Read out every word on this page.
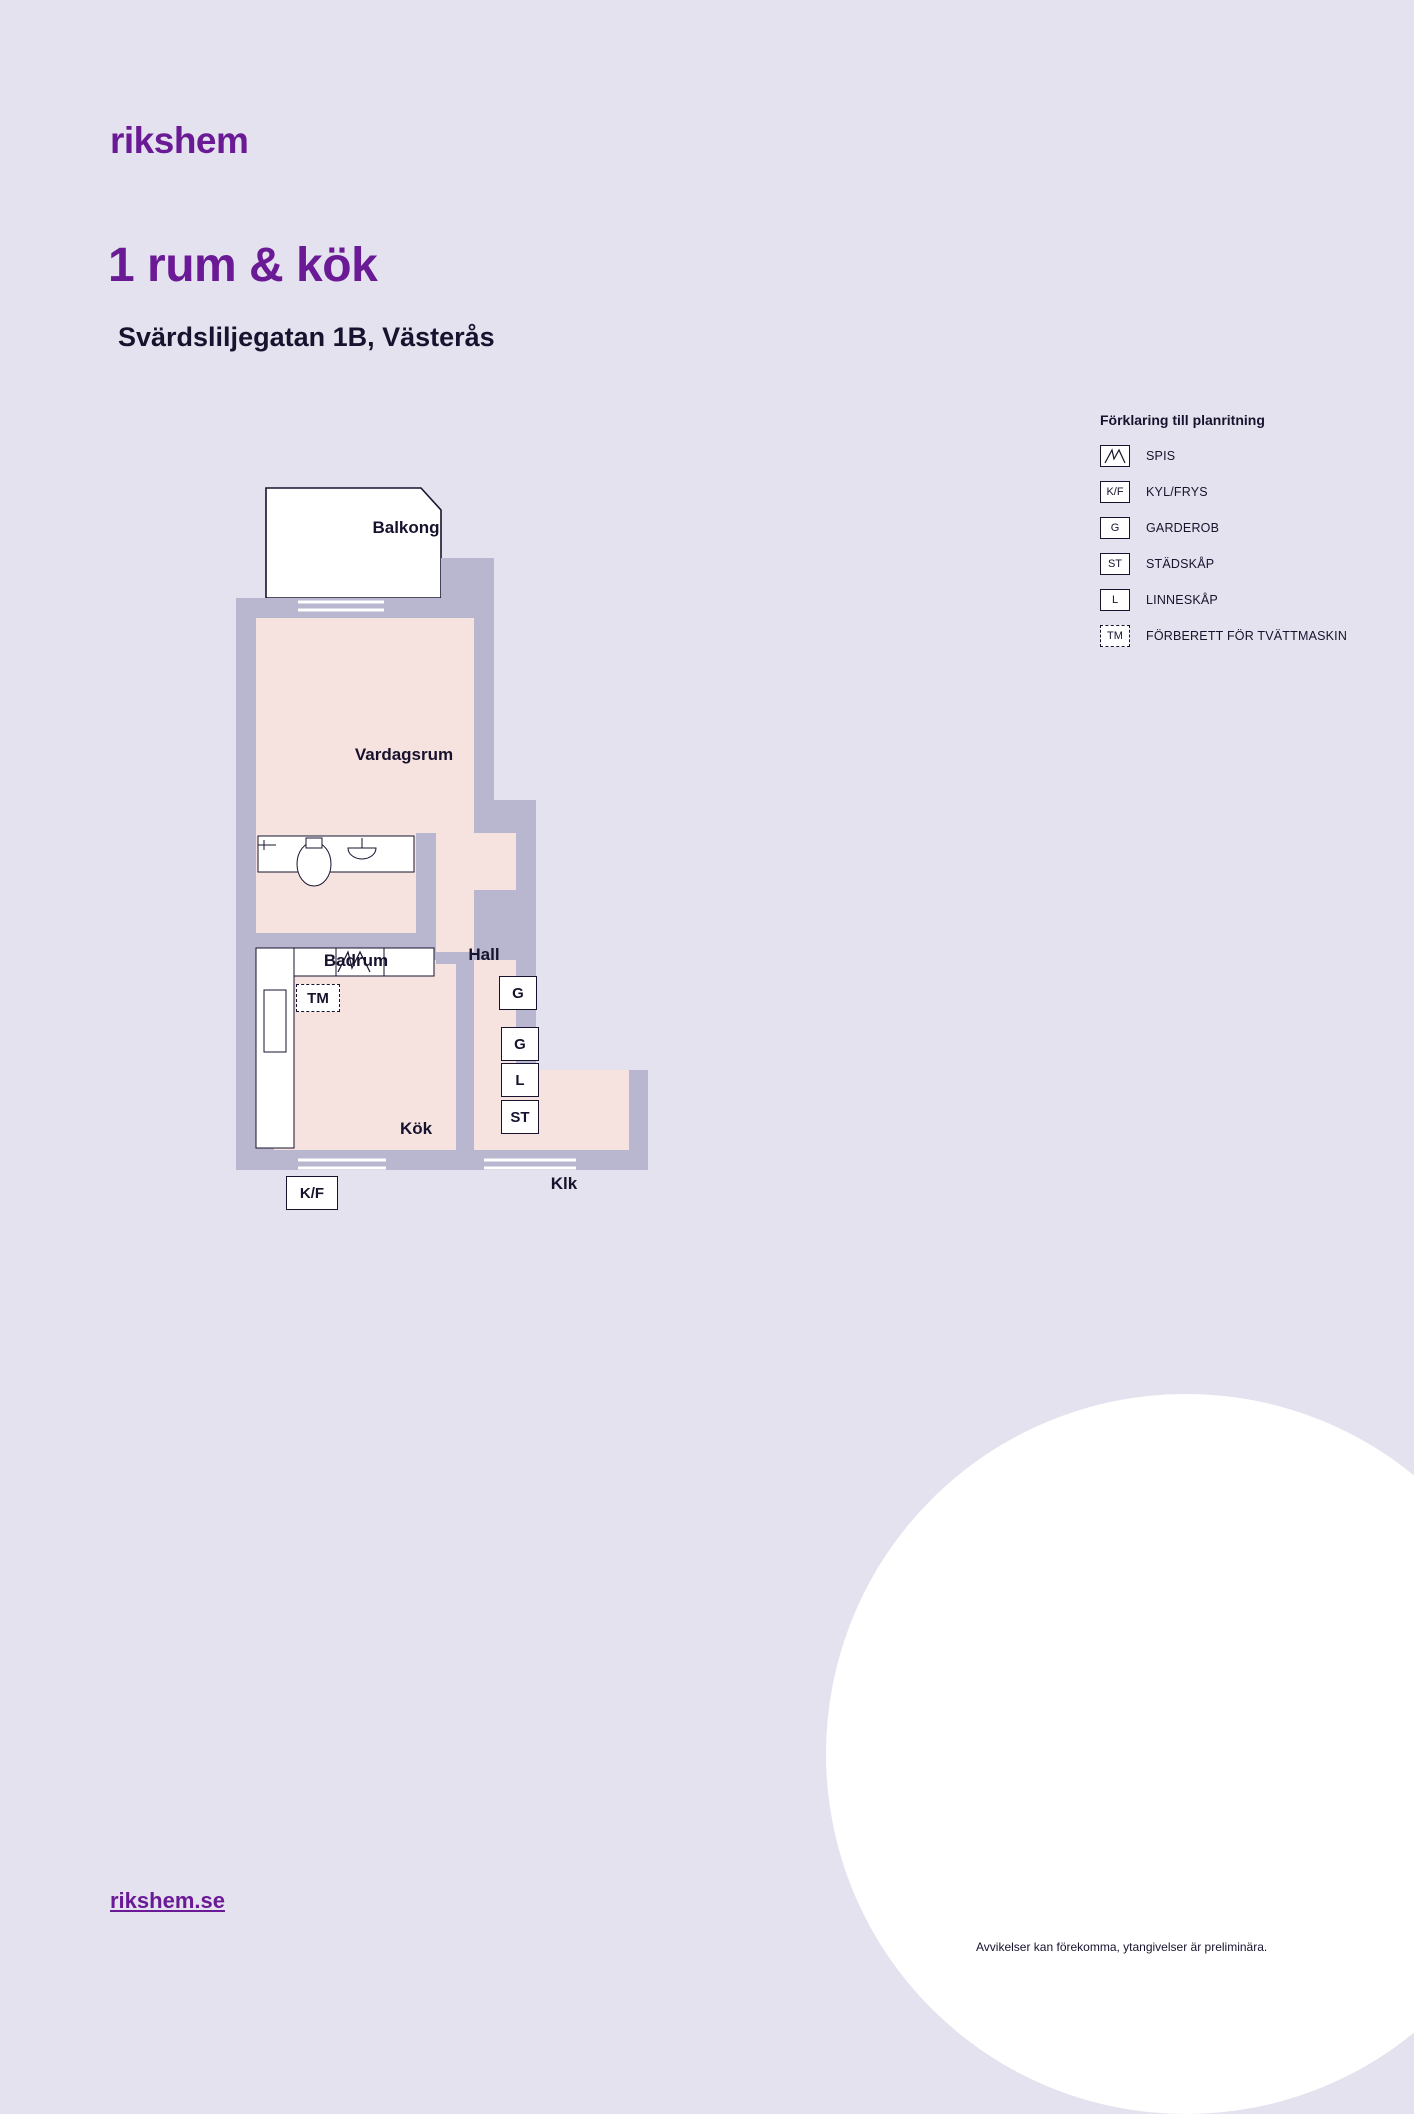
rikshem
1 rum & kök
Svärdsliljegatan 1B, Västerås
Förklaring till planritning
SPIS
K/F	KYL/FRYS
G	GARDEROB
ST	STÄDSKÅP
L	LINNESKÅP
TM	FÖRBERETT FÖR TVÄTTMASKIN
Balkong
Vardagsrum
Badrum	Hall
Kök
Klk
TM	G
G
L
ST
K/F
rikshem.se
Avvikelser kan förekomma, ytangivelser är preliminära.
